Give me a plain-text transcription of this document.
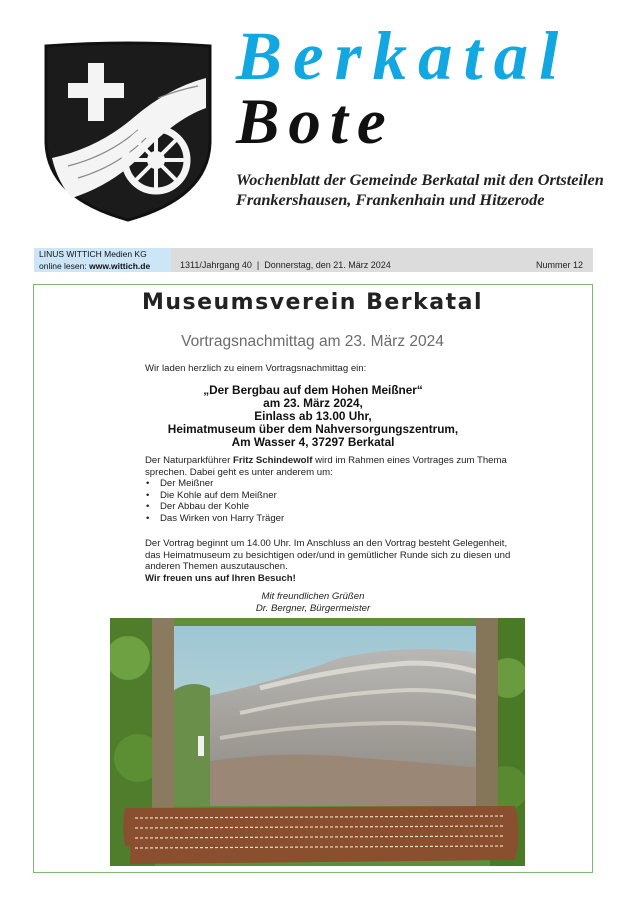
Berkatal
Bote
Wochenblatt der Gemeinde Berkatal mit den Ortsteilen Frankershausen, Frankenhain und Hitzerode
LINUS WITTICH Medien KG
online lesen: www.wittich.de	1311/Jahrgang 40  |  Donnerstag, den 21. März 2024	Nummer 12
Museumsverein Berkatal
Vortragsnachmittag am 23. März 2024
Wir laden herzlich zu einem Vortragsnachmittag ein:
„Der Bergbau auf dem Hohen Meißner“
am 23. März 2024,
Einlass ab 13.00 Uhr,
Heimatmuseum über dem Nahversorgungszentrum,
Am Wasser 4, 37297 Berkatal
Der Naturparkführer Fritz Schindewolf wird im Rahmen eines Vortrages zum Thema sprechen. Dabei geht es unter anderem um:
• Der Meißner
• Die Kohle auf dem Meißner
• Der Abbau der Kohle
• Das Wirken von Harry Träger
Der Vortrag beginnt um 14.00 Uhr. Im Anschluss an den Vortrag besteht Gelegenheit, das Heimatmuseum zu besichtigen oder/und in gemütlicher Runde sich zu diesen und anderen Themen auszutauschen.
Wir freuen uns auf Ihren Besuch!
Mit freundlichen Grüßen
Dr. Bergner, Bürgermeister
